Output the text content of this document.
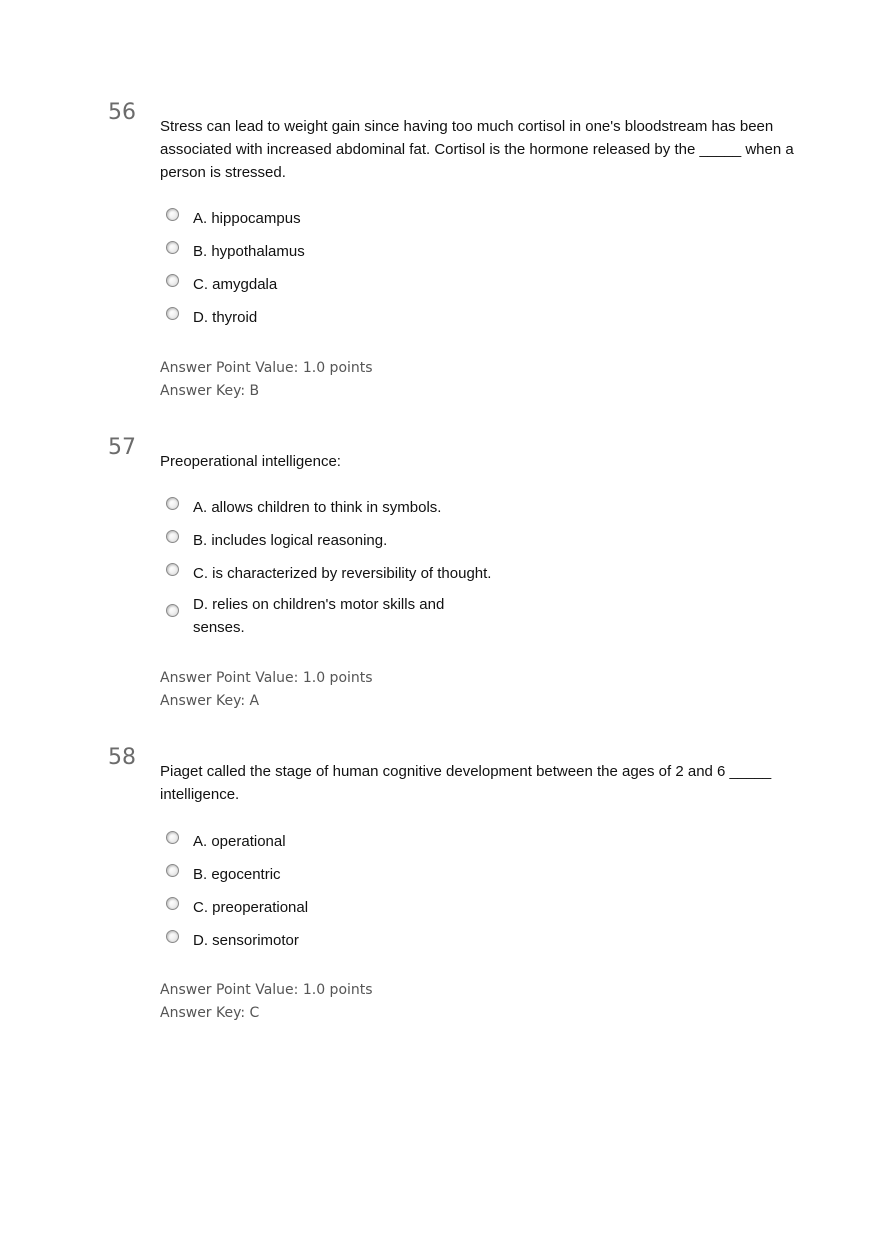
56
Stress can lead to weight gain since having too much cortisol in one's bloodstream has been associated with increased abdominal fat. Cortisol is the hormone released by the _____ when a person is stressed.
A. hippocampus
B. hypothalamus
C. amygdala
D. thyroid
Answer Point Value: 1.0 points
Answer Key: B
57
Preoperational intelligence:
A. allows children to think in symbols.
B. includes logical reasoning.
C. is characterized by reversibility of thought.
D. relies on children's motor skills and senses.
Answer Point Value: 1.0 points
Answer Key: A
58
Piaget called the stage of human cognitive development between the ages of 2 and 6 _____ intelligence.
A. operational
B. egocentric
C. preoperational
D. sensorimotor
Answer Point Value: 1.0 points
Answer Key: C
